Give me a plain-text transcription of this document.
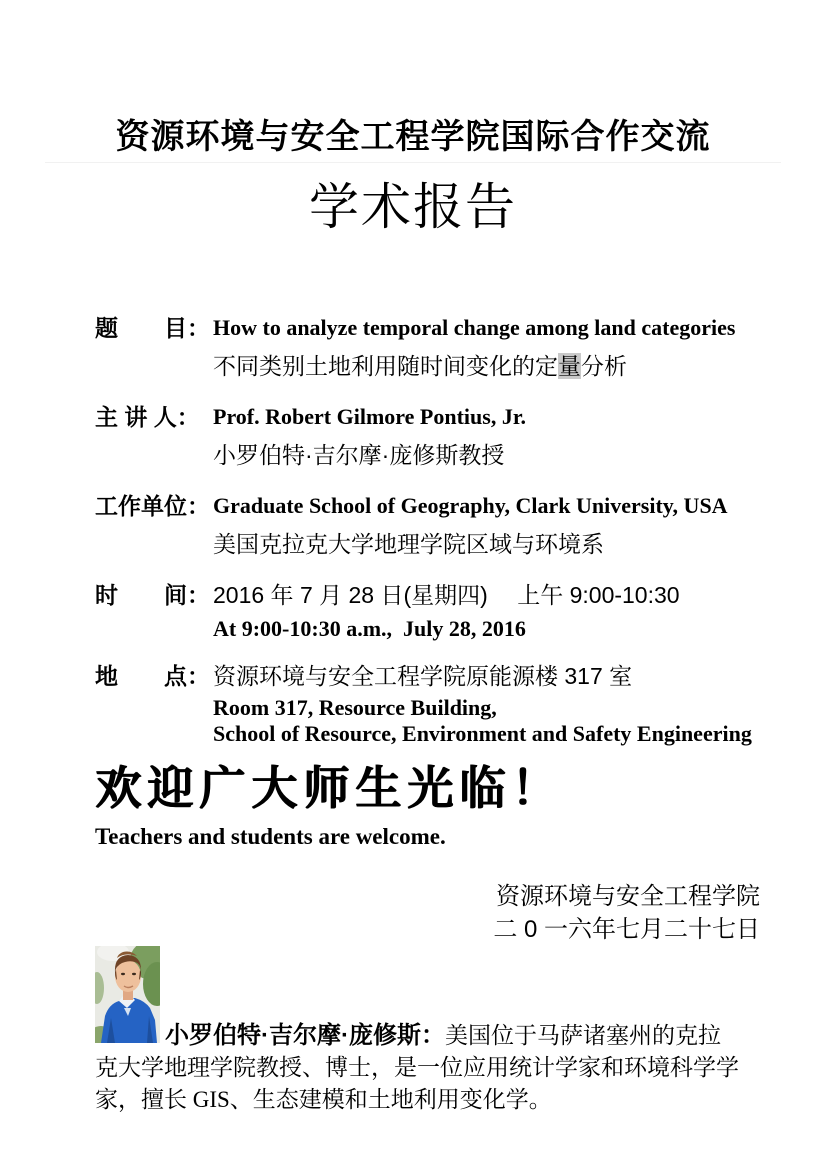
资源环境与安全工程学院国际合作交流
学术报告
题　　目： How to analyze temporal change among land categories
不同类别土地利用随时间变化的定量分析
主 讲 人： Prof. Robert Gilmore Pontius, Jr.
小罗伯特·吉尔摩·庞修斯教授
工作单位： Graduate School of Geography, Clark University, USA
美国克拉克大学地理学院区域与环境系
时　　间： 2016 年 7 月 28 日(星期四)　 上午 9:00-10:30
At 9:00-10:30 a.m.,  July 28, 2016
地　　点： 资源环境与安全工程学院原能源楼 317 室
Room 317, Resource Building,
School of Resource, Environment and Safety Engineering
欢迎广大师生光临！
Teachers and students are welcome.
资源环境与安全工程学院
二 0 一六年七月二十七日

小罗伯特·吉尔摩·庞修斯：美国位于马萨诸塞州的克拉克大学地理学院教授、博士，是一位应用统计学家和环境科学学家，擅长 GIS、生态建模和土地利用变化学。
